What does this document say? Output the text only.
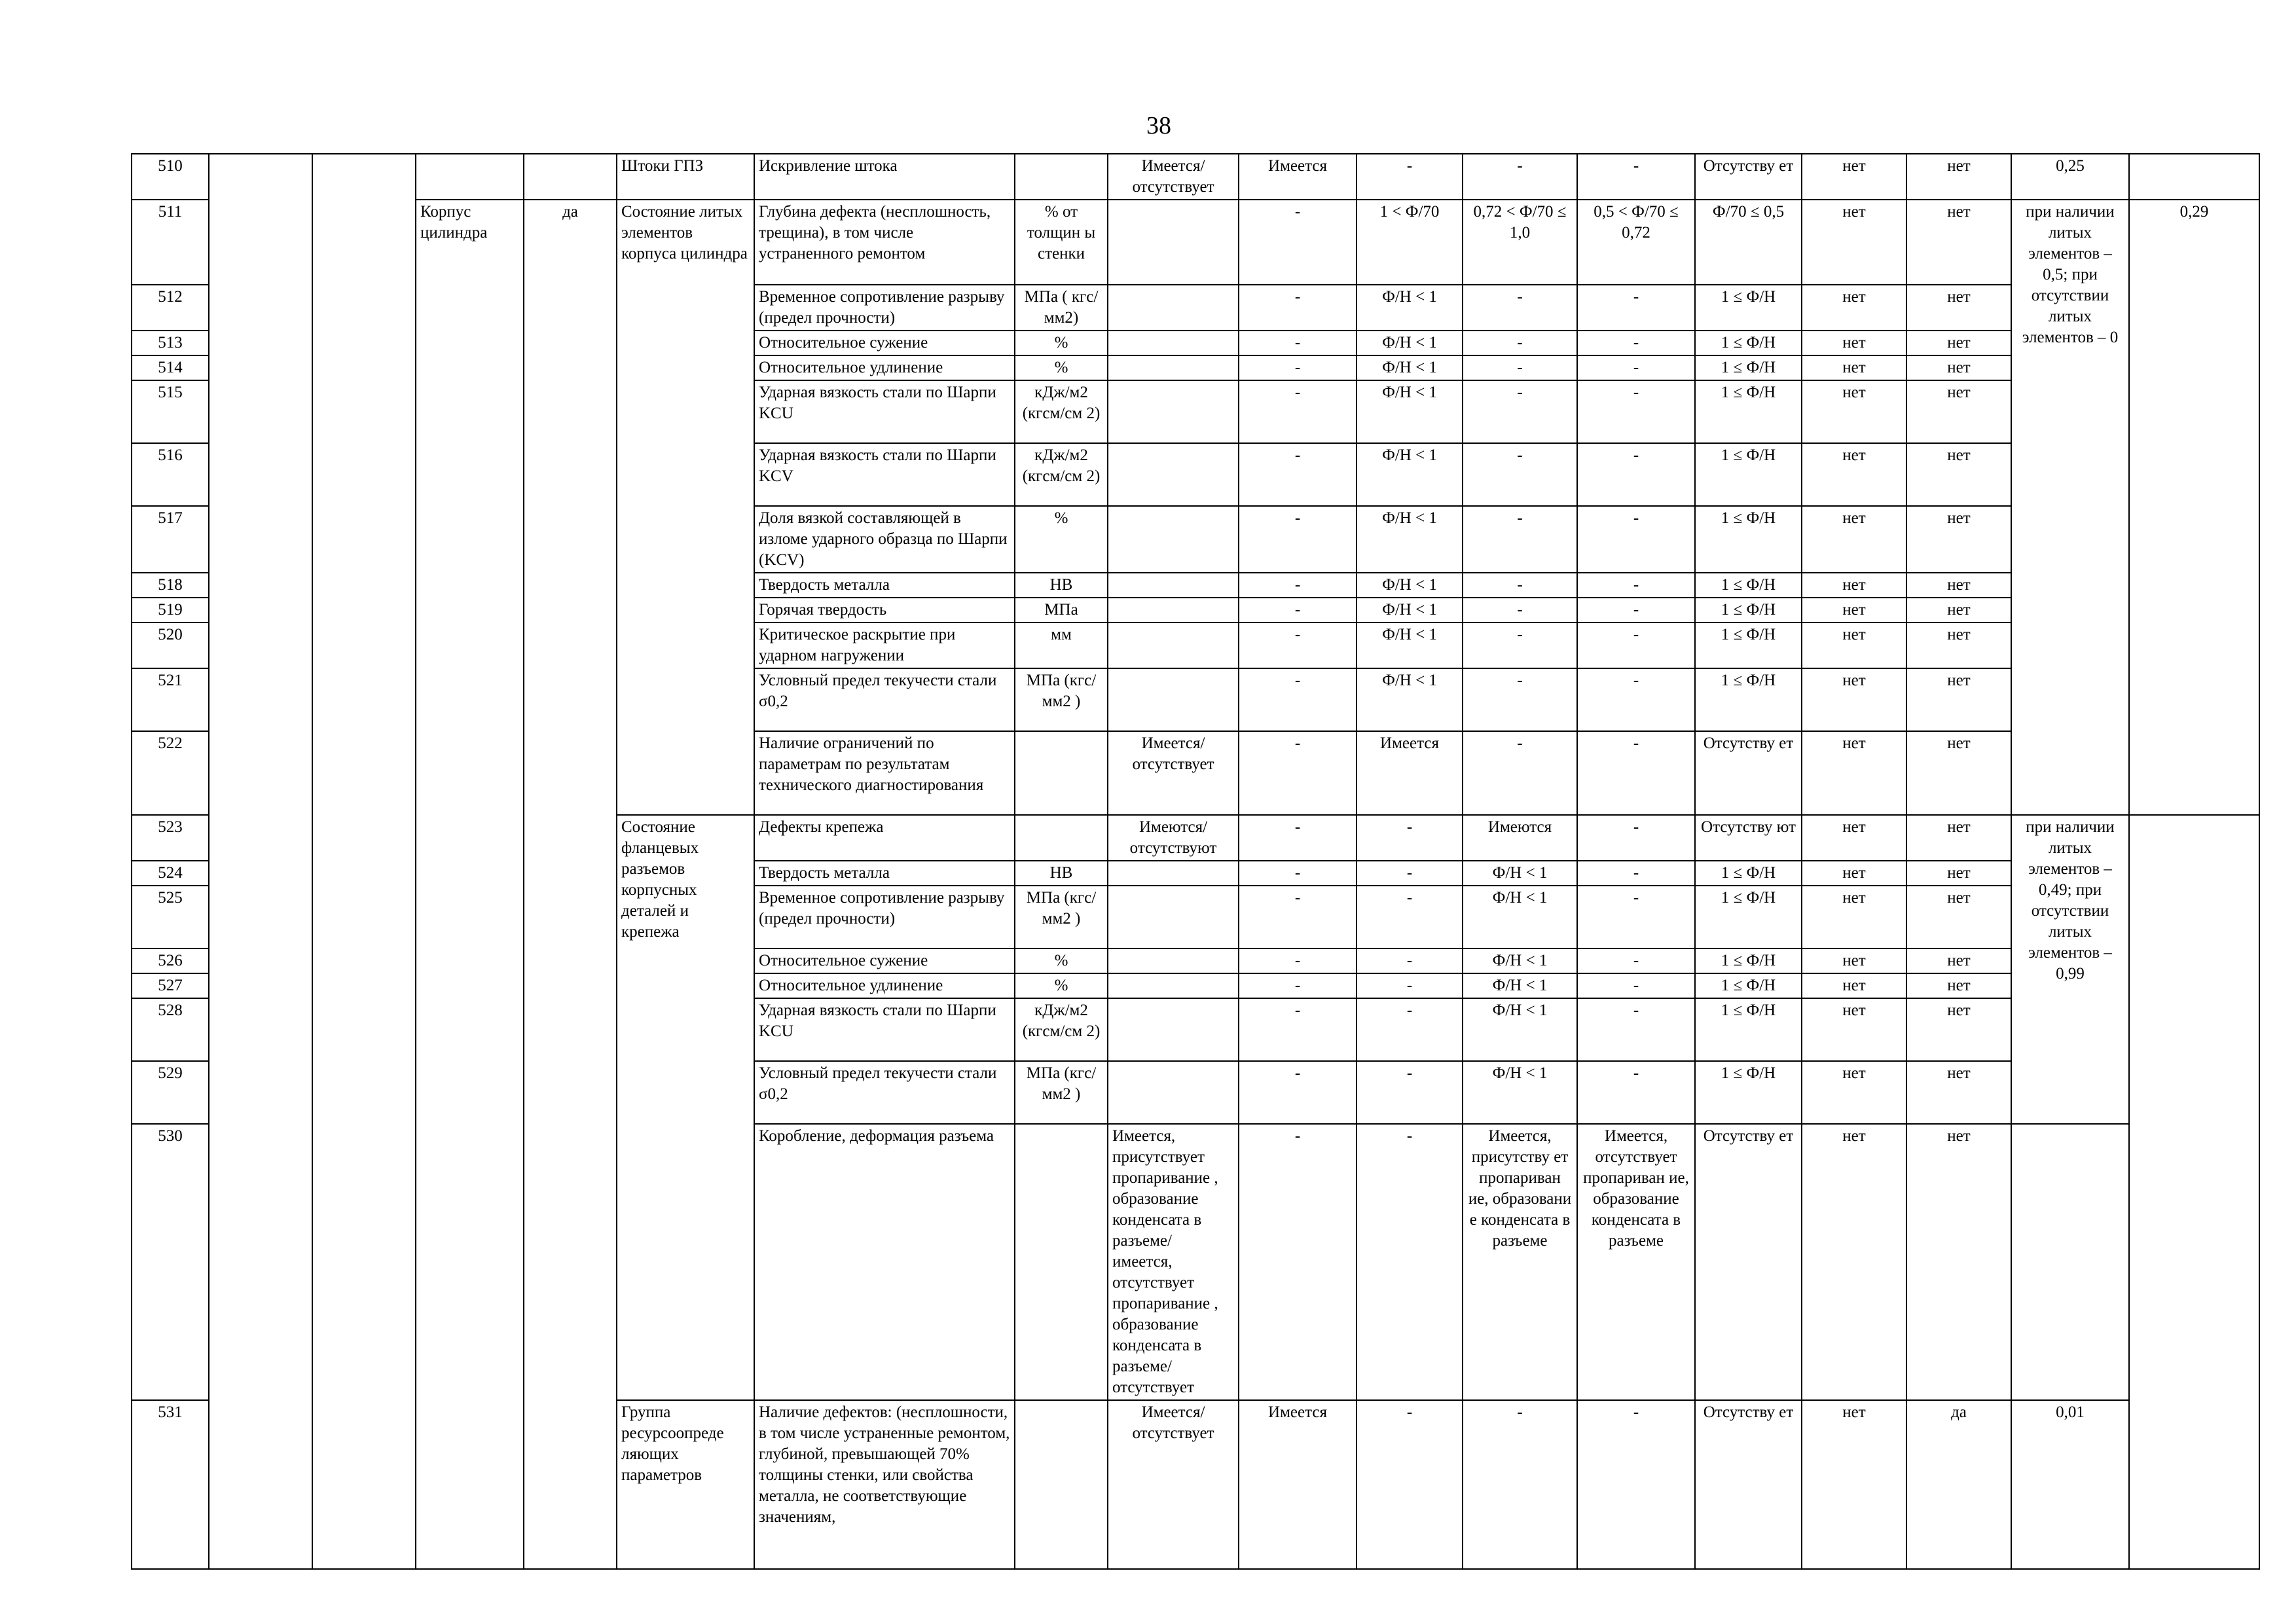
38
510					Штоки ГПЗ	Искривление штока		Имеется/ отсутствует	Имеется	-	-	-	Отсутству ет	нет	нет	0,25		
511			Корпус цилиндра	да	Состояние литых элементов корпуса цилиндра	Глубина дефекта (несплошность, трещина), в том числе устраненного ремонтом	% от толщин ы стенки		-	1 < Ф/70	0,72 < Ф/70 ≤ 1,0	0,5 < Ф/70 ≤ 0,72	Ф/70 ≤ 0,5	нет	нет	при наличии литых элементов – 0,5; при отсутствии литых элементов – 0	0,29	
512						Временное сопротивление разрыву (предел прочности)	МПа ( кгс/мм2)		-	Ф/Н < 1	-	-	1 ≤ Ф/Н	нет	нет			
513						Относительное сужение	%		-	Ф/Н < 1	-	-	1 ≤ Ф/Н	нет	нет			
514						Относительное удлинение	%		-	Ф/Н < 1	-	-	1 ≤ Ф/Н	нет	нет			
515						Ударная вязкость стали по Шарпи KCU	кДж/м2 (кгсм/см 2)		-	Ф/Н < 1	-	-	1 ≤ Ф/Н	нет	нет			
516						Ударная вязкость стали по Шарпи KCV	кДж/м2 (кгсм/см 2)		-	Ф/Н < 1	-	-	1 ≤ Ф/Н	нет	нет			
517						Доля вязкой составляющей в изломе ударного образца по Шарпи (KCV)	%		-	Ф/Н < 1	-	-	1 ≤ Ф/Н	нет	нет			
518						Твердость металла	НВ		-	Ф/Н < 1	-	-	1 ≤ Ф/Н	нет	нет			
519						Горячая твердость	МПа		-	Ф/Н < 1	-	-	1 ≤ Ф/Н	нет	нет			
520						Критическое раскрытие при ударном нагружении	мм		-	Ф/Н < 1	-	-	1 ≤ Ф/Н	нет	нет			
521						Условный предел текучести стали σ0,2	МПа (кгс/мм2 )		-	Ф/Н < 1	-	-	1 ≤ Ф/Н	нет	нет			
522						Наличие ограничений по параметрам по результатам технического диагностирования		Имеется/ отсутствует	-	Имеется	-	-	Отсутству ет	нет	нет			
523					Состояние фланцевых разъемов корпусных деталей и крепежа	Дефекты крепежа		Имеются/ отсутствуют	-	-	Имеются	-	Отсутству ют	нет	нет	при наличии литых элементов – 0,49; при отсутствии литых элементов – 0,99		
524						Твердость металла	НВ		-	-	Ф/Н < 1	-	1 ≤ Ф/Н	нет	нет			
525						Временное сопротивление разрыву (предел прочности)	МПа (кгс/мм2 )		-	-	Ф/Н < 1	-	1 ≤ Ф/Н	нет	нет			
526						Относительное сужение	%		-	-	Ф/Н < 1	-	1 ≤ Ф/Н	нет	нет			
527						Относительное удлинение	%		-	-	Ф/Н < 1	-	1 ≤ Ф/Н	нет	нет			
528						Ударная вязкость стали по Шарпи KCU	кДж/м2 (кгсм/см 2)		-	-	Ф/Н < 1	-	1 ≤ Ф/Н	нет	нет			
529						Условный предел текучести стали σ0,2	МПа (кгс/мм2 )		-	-	Ф/Н < 1	-	1 ≤ Ф/Н	нет	нет			
530						Коробление, деформация разъема		Имеется, присутствует пропаривание , образование конденсата в разъеме/ имеется, отсутствует пропаривание , образование конденсата в разъеме/ отсутствует	-	-	Имеется, присутству ет пропариван ие, образовани е конденсата в разъеме	Имеется, отсутствует пропариван ие, образование конденсата в разъеме	Отсутству ет	нет	нет			
531					Группа ресурсоопреде ляющих параметров	Наличие дефектов: (несплошности, в том числе устраненные ремонтом, глубиной, превышающей 70% толщины стенки, или свойства металла, не соответствующие значениям,		Имеется/ отсутствует	Имеется	-	-	-	Отсутству ет	нет	да	0,01		
